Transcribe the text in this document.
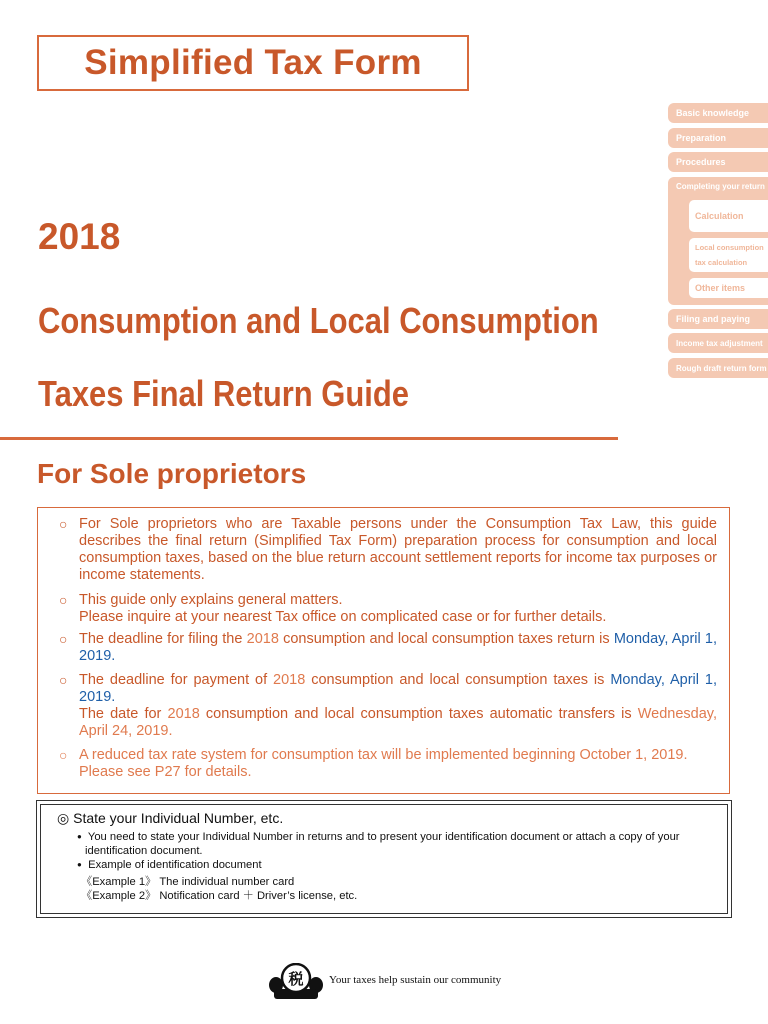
Simplified Tax Form
2018
Consumption and Local Consumption
Taxes Final Return Guide
For Sole proprietors
Basic knowledge
Preparation
Procedures
Completing your return
Calculation
Local consumption
tax calculation
Other items
Filing and paying
Income tax adjustment
Rough draft return form
○ For Sole proprietors who are Taxable persons under the Consumption Tax Law, this guide describes the final return (Simplified Tax Form) preparation process for consumption and local consumption taxes, based on the blue return account settlement reports for income tax purposes or income statements.
○ This guide only explains general matters.
Please inquire at your nearest Tax office on complicated case or for further details.
○ The deadline for filing the 2018 consumption and local consumption taxes return is Monday, April 1, 2019.
○ The deadline for payment of 2018 consumption and local consumption taxes is Monday, April 1, 2019.
The date for 2018 consumption and local consumption taxes automatic transfers is Wednesday, April 24, 2019.
○ A reduced tax rate system for consumption tax will be implemented beginning October 1, 2019.
Please see P27 for details.
◎ State your Individual Number, etc.
● You need to state your Individual Number in returns and to present your identification document or attach a copy of your
identification document.
● Example of identification document
《Example 1》 The individual number card
《Example 2》 Notification card ＋ Driver’s license, etc.
税 Your taxes help sustain our community
